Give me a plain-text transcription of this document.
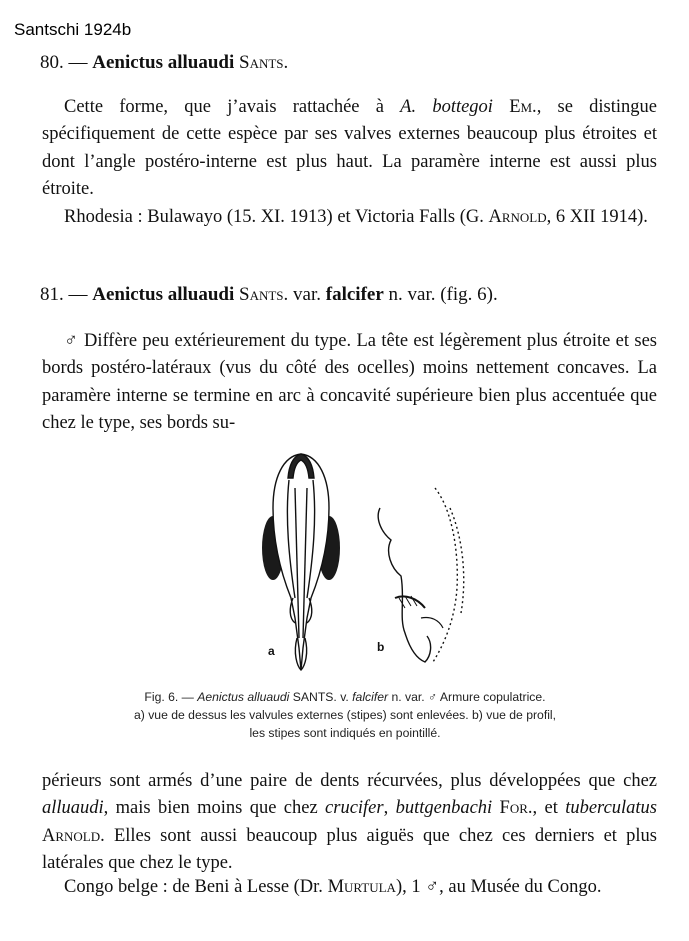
Santschi 1924b
80. — Aenictus alluaudi Sants.
Cette forme, que j’avais rattachée à A. bottegoi Em., se distingue spécifiquement de cette espèce par ses valves externes beaucoup plus étroites et dont l’angle postéro-interne est plus haut. La paramère interne est aussi plus étroite.
Rhodesia : Bulawayo (15. XI. 1913) et Victoria Falls (G. Arnold, 6 XII 1914).
81. — Aenictus alluaudi Sants. var. falcifer n. var. (fig. 6).
♂ Diffère peu extérieurement du type. La tête est légèrement plus étroite et ses bords postéro-latéraux (vus du côté des ocelles) moins nettement concaves. La paramère interne se termine en arc à concavité supérieure bien plus accentuée que chez le type, ses bords su-
a	b
Fig. 6. — Aenictus alluaudi SANTS. v. falcifer n. var. ♂ Armure copulatrice.
a) vue de dessus les valvules externes (stipes) sont enlevées. b) vue de profil,
les stipes sont indiqués en pointillé.
périeurs sont armés d’une paire de dents récurvées, plus développées que chez alluaudi, mais bien moins que chez crucifer, buttgenbachi For., et tuberculatus Arnold. Elles sont aussi beaucoup plus aiguës que chez ces derniers et plus latérales que chez le type.
Congo belge : de Beni à Lesse (Dr. Murtula), 1 ♂, au Musée du Congo.
